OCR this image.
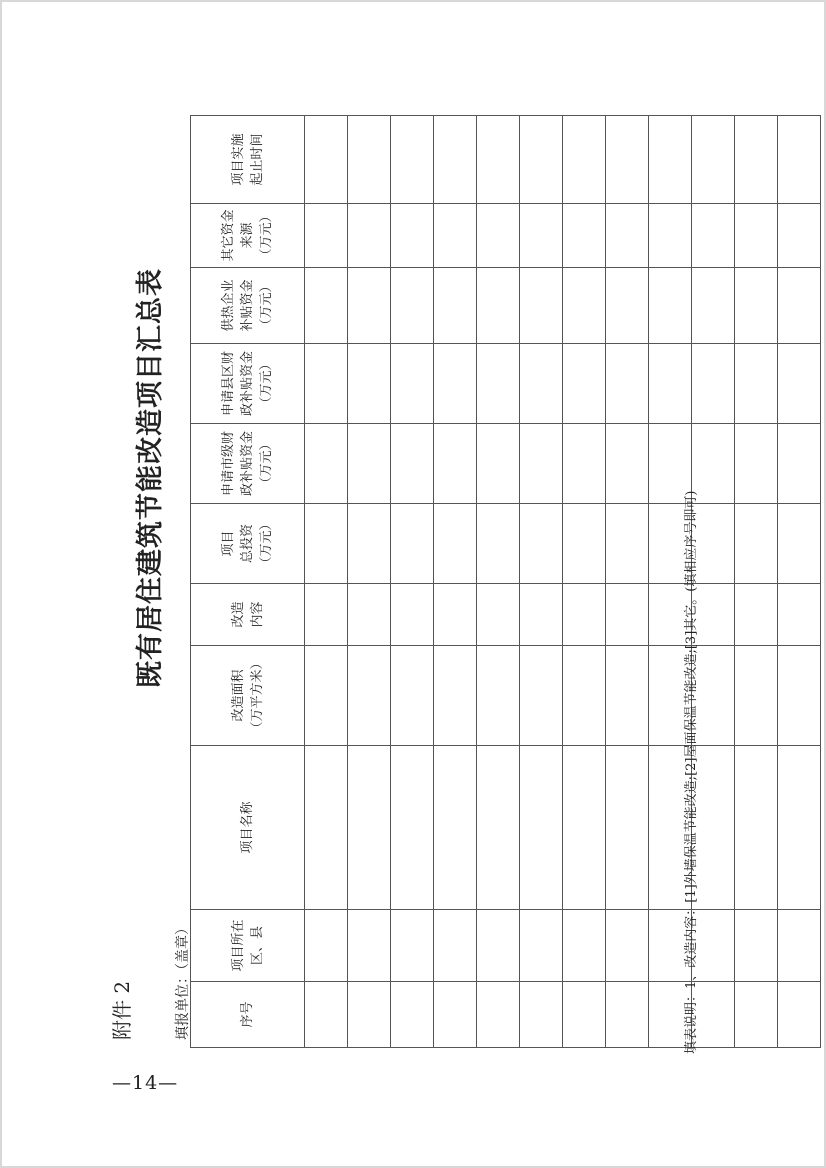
—14—
附件 2
既有居住建筑节能改造项目汇总表
填报单位：（盖章）	序号	项目所在 区、县	项目名称	改造面积 （万平方米）	改造 内容	项目 总投资 （万元）	申请市级财 政补贴资金 （万元）	申请县区财 政补贴资金 （万元）	供热企业 补贴资金 （万元）	其它资金 来源 （万元）	项目实施 起止时间

填表说明：1、改造内容：[1]外墙保温节能改造;[2]屋面保温节能改造;[3]其它。(填相应序号即可)
